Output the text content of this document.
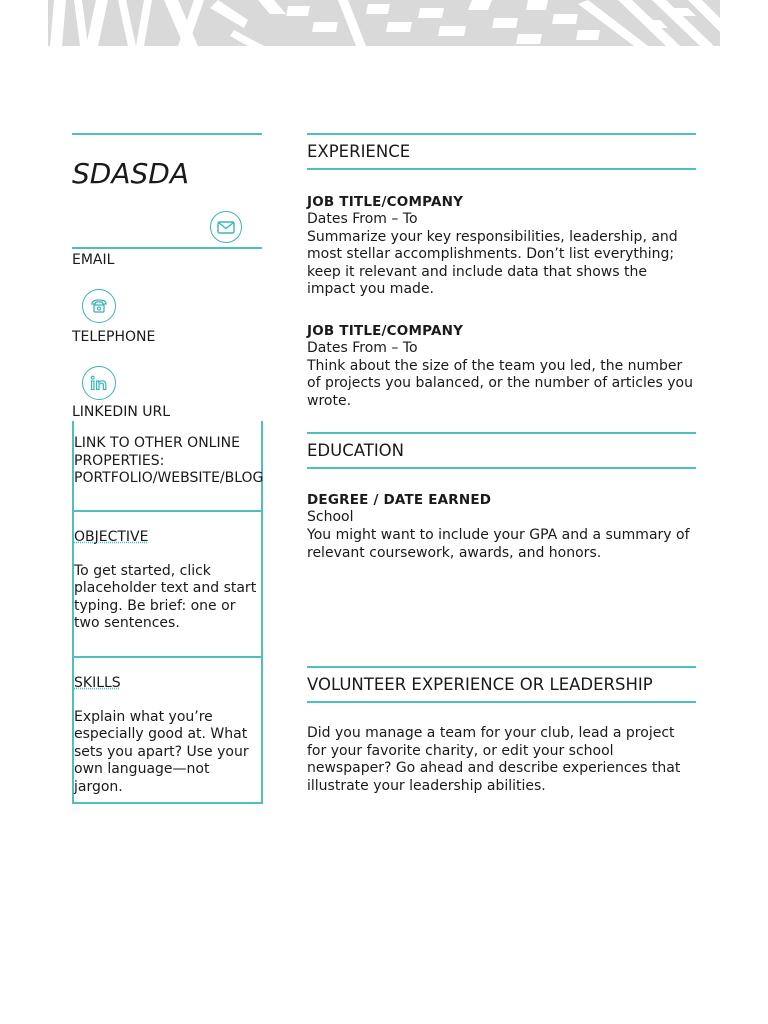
SDASDA
EMAIL
TELEPHONE
LINKEDIN URL
LINK TO OTHER ONLINE PROPERTIES: PORTFOLIO/WEBSITE/BLOG
OBJECTIVE
To get started, click placeholder text and start typing. Be brief: one or two sentences.
SKILLS
Explain what you’re especially good at. What sets you apart? Use your own language—not jargon.
EXPERIENCE
JOB TITLE/COMPANY
Dates From – To
Summarize your key responsibilities, leadership, and most stellar accomplishments. Don’t list everything; keep it relevant and include data that shows the impact you made.
JOB TITLE/COMPANY
Dates From – To
Think about the size of the team you led, the number of projects you balanced, or the number of articles you wrote.
EDUCATION
DEGREE / DATE EARNED
School
You might want to include your GPA and a summary of relevant coursework, awards, and honors.
VOLUNTEER EXPERIENCE OR LEADERSHIP
Did you manage a team for your club, lead a project for your favorite charity, or edit your school newspaper? Go ahead and describe experiences that illustrate your leadership abilities.
